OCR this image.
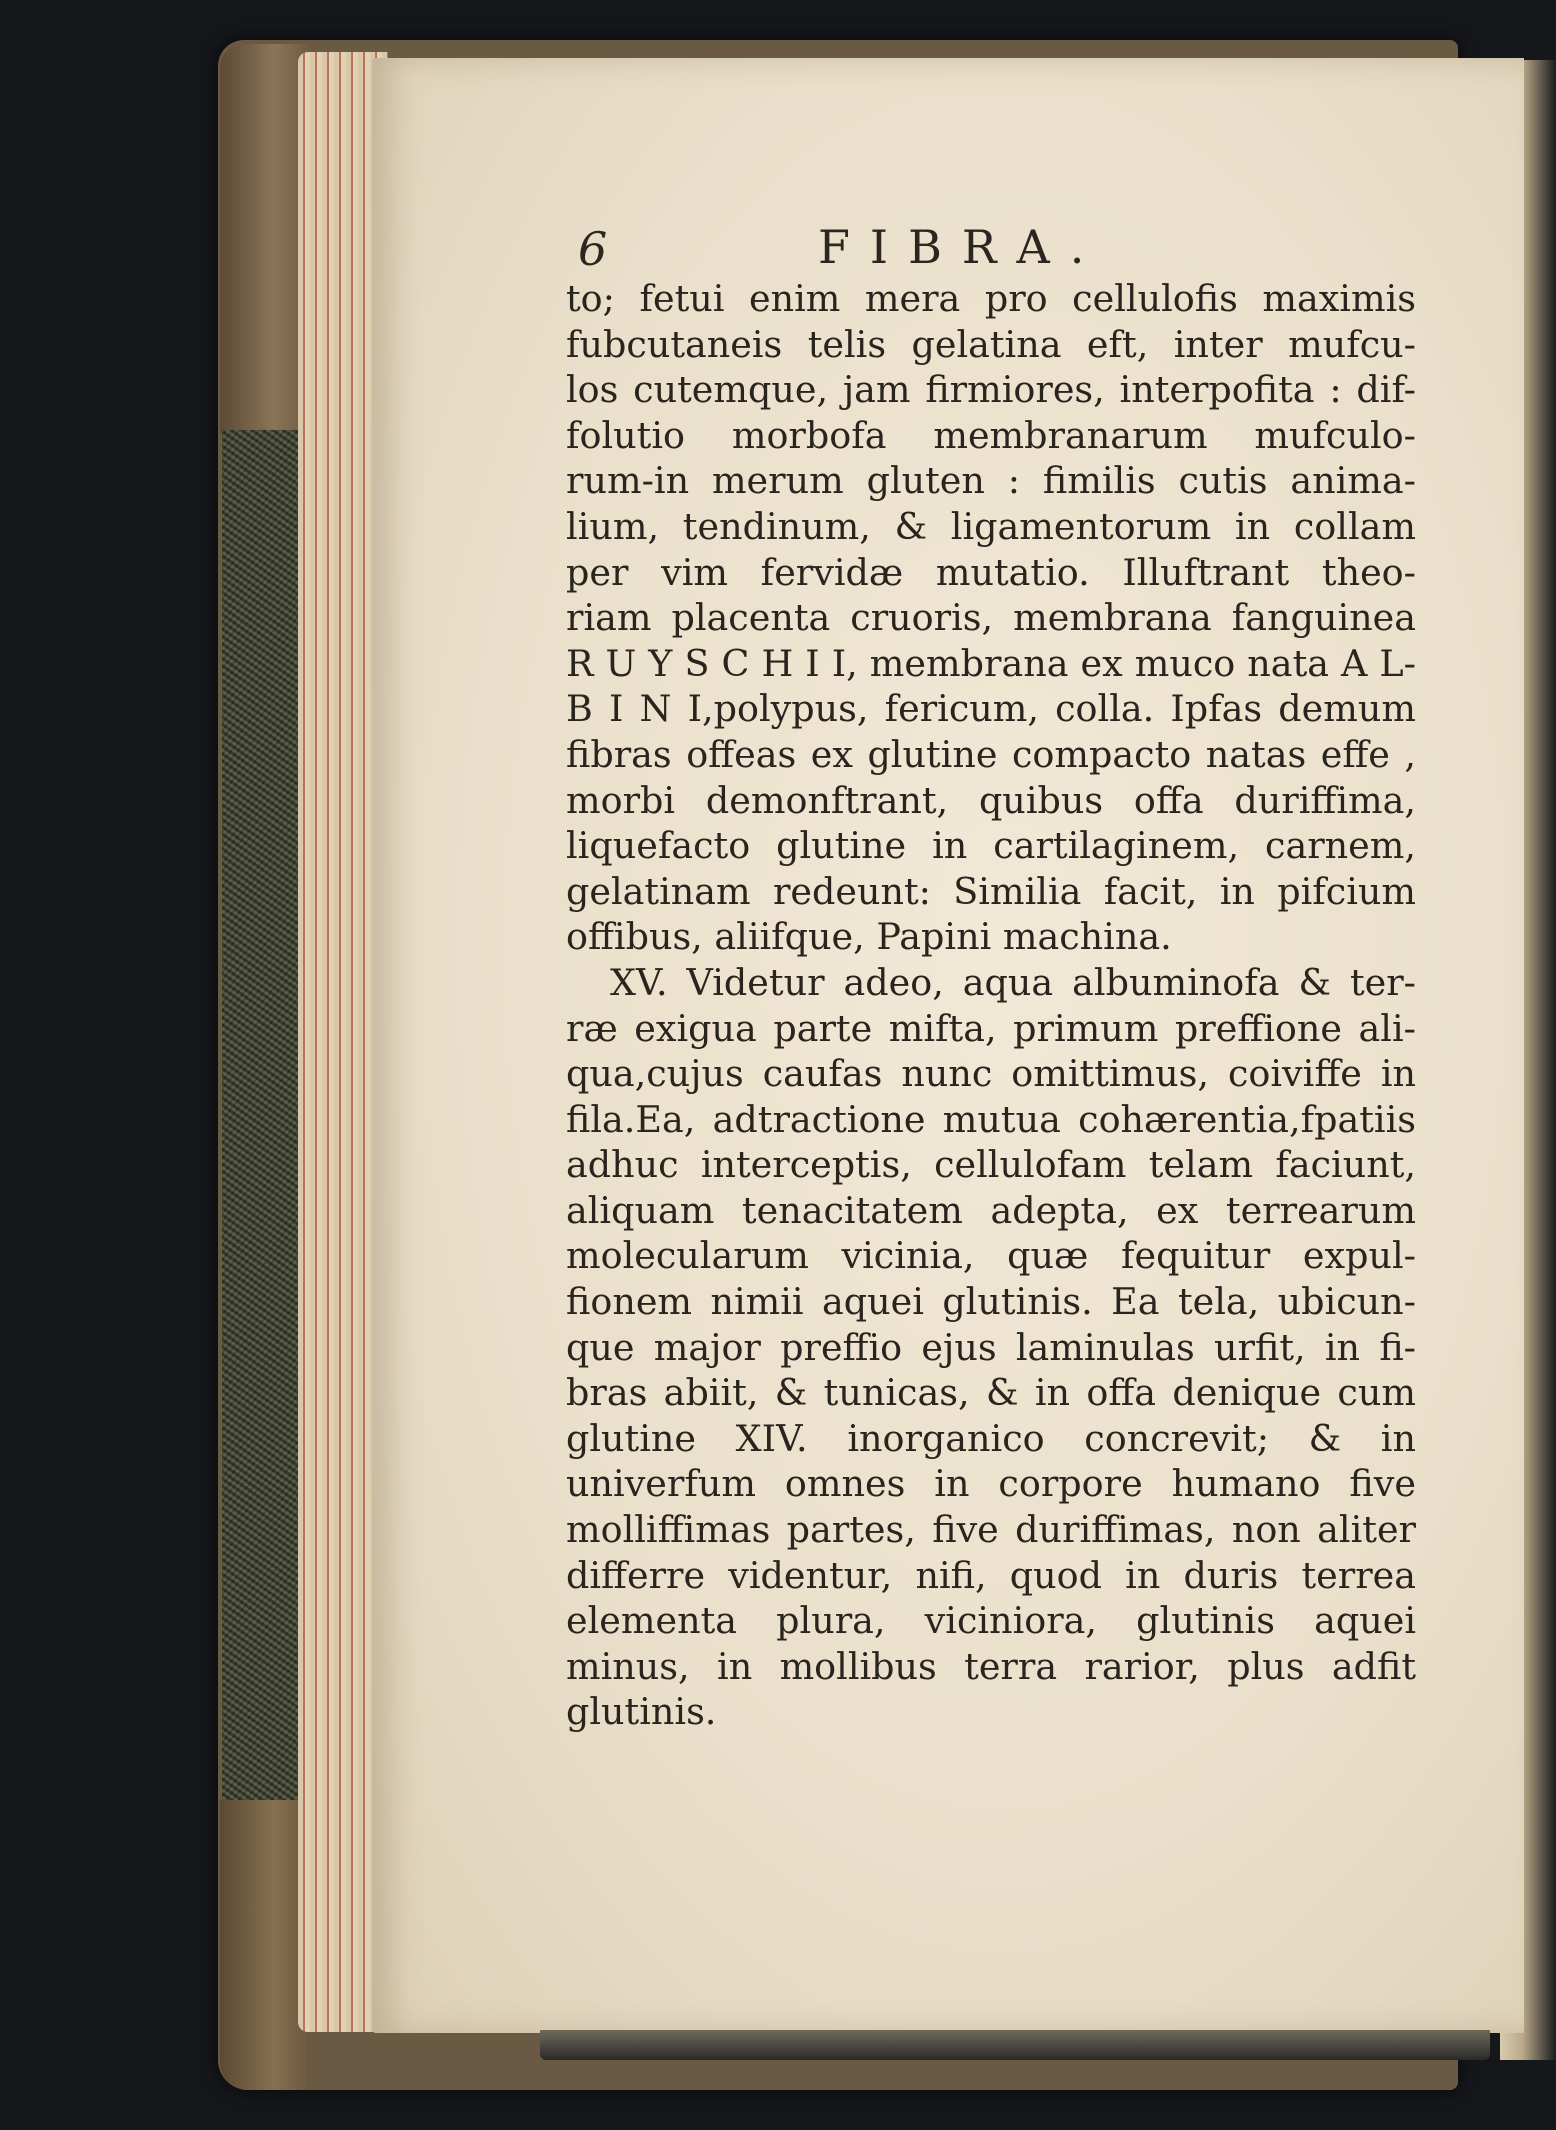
6	FIBRA.
to; fetui enim mera pro cellulofis maximis
fubcutaneis telis gelatina eft, inter mufcu-
los cutemque, jam firmiores, interpofita : dif-
folutio morbofa membranarum mufculo-
rum-in merum gluten : fimilis cutis anima-
lium, tendinum, & ligamentorum in collam
per vim fervidæ mutatio. Illuftrant theo-
riam placenta cruoris, membrana fanguinea
R U Y S C H I I, membrana ex muco nata A L-
B I N I,polypus, fericum, colla. Ipfas demum
fibras offeas ex glutine compacto natas effe ,
morbi demonftrant, quibus offa duriffima,
liquefacto glutine in cartilaginem, carnem,
gelatinam redeunt: Similia facit, in pifcium
offibus, aliifque, Papini machina.
XV. Videtur adeo, aqua albuminofa & ter-
ræ exigua parte mifta, primum preffione ali-
qua,cujus caufas nunc omittimus, coiviffe in
fila.Ea, adtractione mutua cohærentia,fpatiis
adhuc interceptis, cellulofam telam faciunt,
aliquam tenacitatem adepta, ex terrearum
molecularum vicinia, quæ fequitur expul-
fionem nimii aquei glutinis. Ea tela, ubicun-
que major preffio ejus laminulas urfit, in fi-
bras abiit, & tunicas, & in offa denique cum
glutine XIV. inorganico concrevit; & in
univerfum omnes in corpore humano five
molliffimas partes, five duriffimas, non aliter
differre videntur, nifi, quod in duris terrea
elementa plura, viciniora, glutinis aquei
minus, in mollibus terra rarior, plus adfit
glutinis.
